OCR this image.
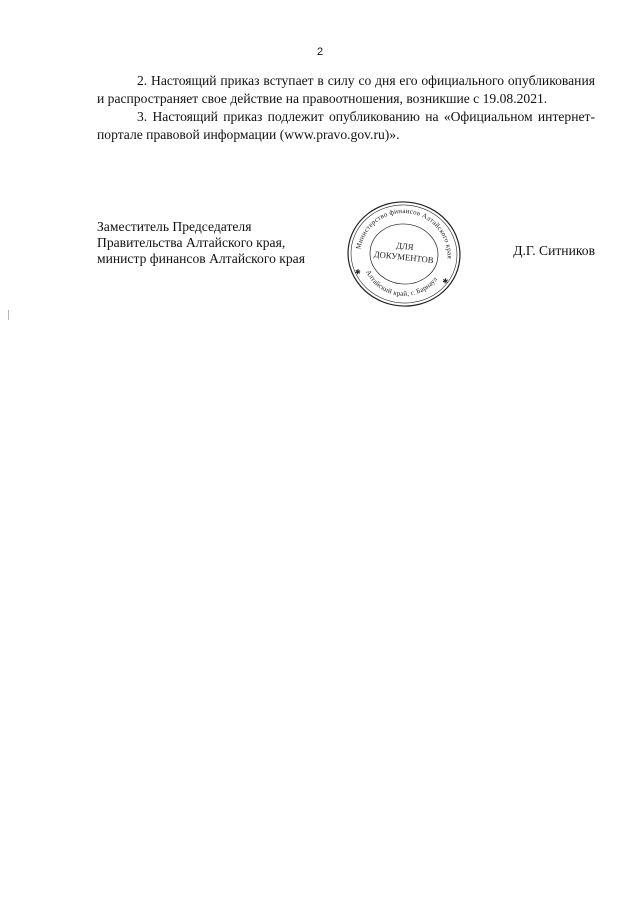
2

2. Настоящий приказ вступает в силу со дня его официального опубликования и распространяет свое действие на правоотношения, возникшие с 19.08.2021.

3. Настоящий приказ подлежит опубликованию на «Официальном интернет-портале правовой информации (www.pravo.gov.ru)».

Заместитель Председателя
Правительства Алтайского края,
министр финансов Алтайского края
Министерство финансов Алтайского края
Алтайский край, г. Барнаул
✱
✱
ДЛЯ
ДОКУМЕНТОВ	Д.Г. Ситников
